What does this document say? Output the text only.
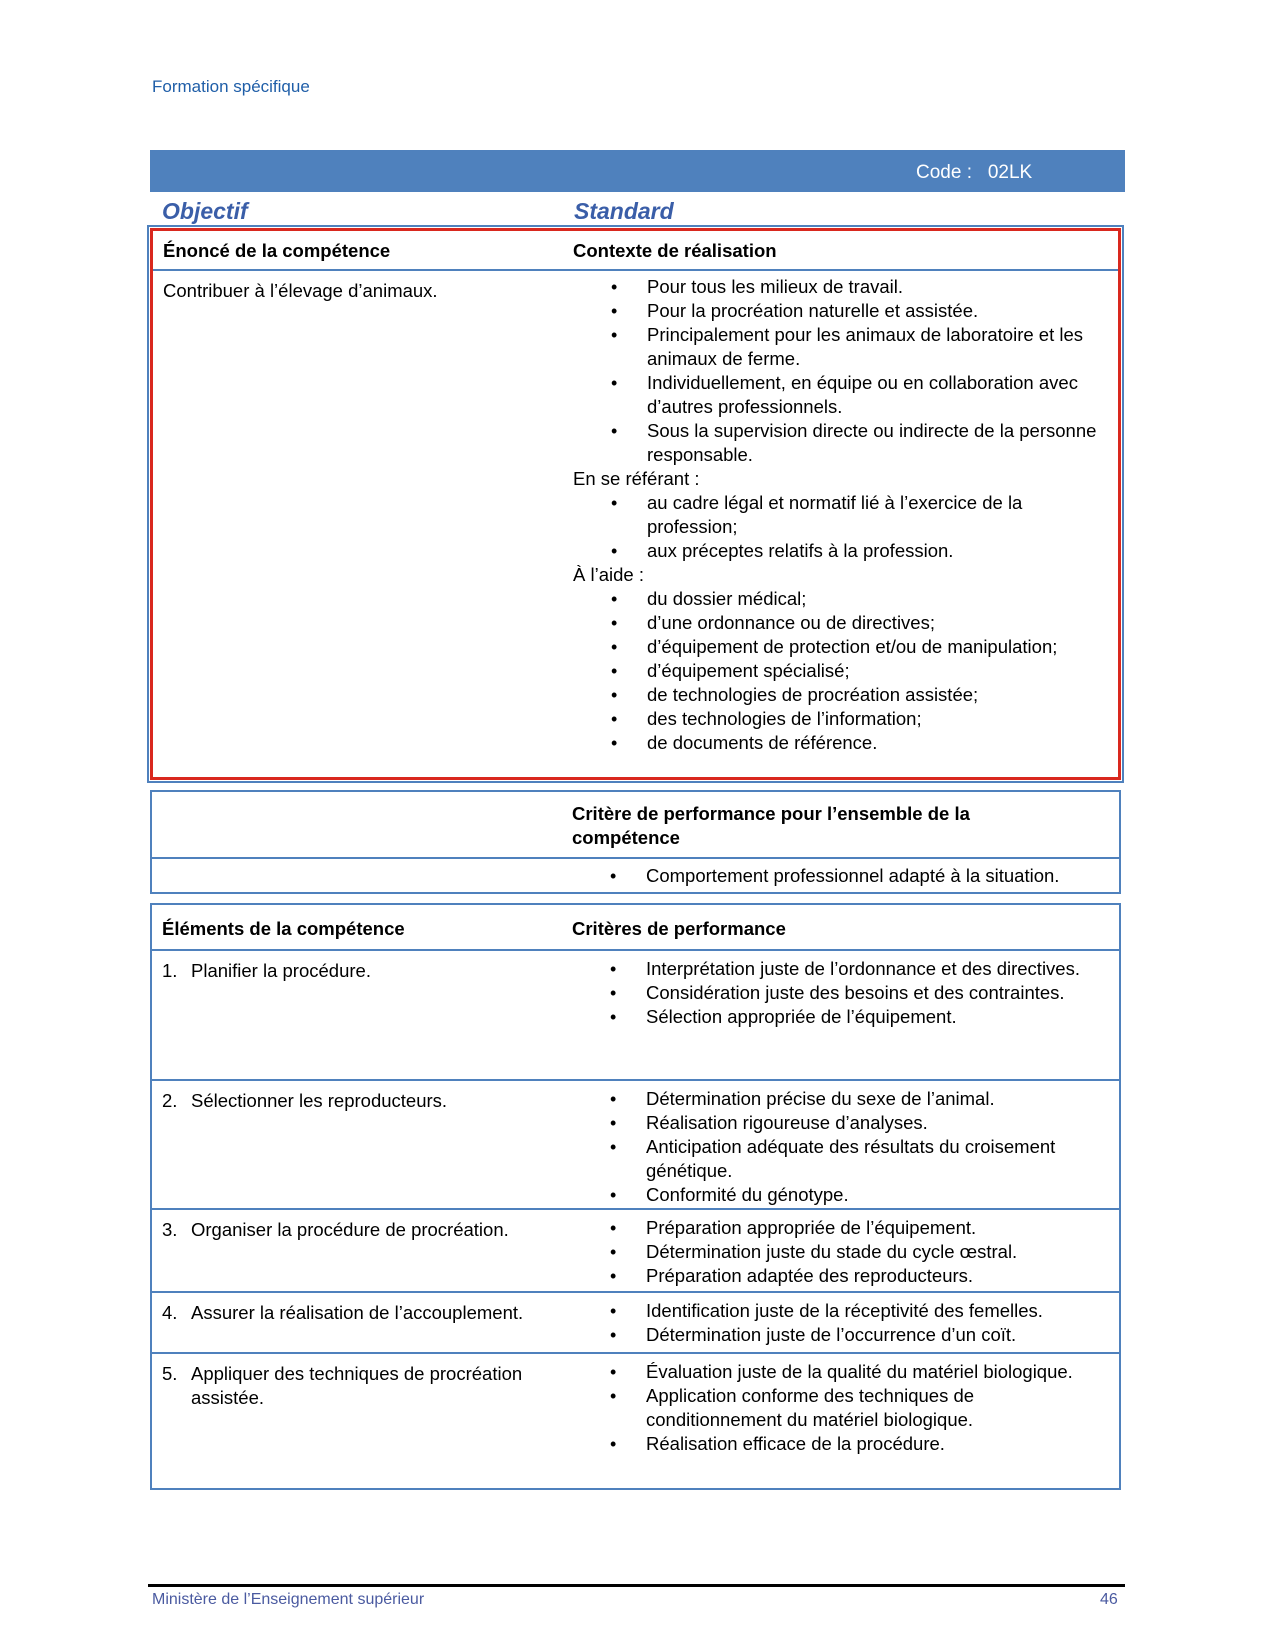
Formation spécifique
Code : 02LK
Objectif	Standard
Énoncé de la compétence	Contexte de réalisation
Contribuer à l’élevage d’animaux.	• Pour tous les milieux de travail.
• Pour la procréation naturelle et assistée.
• Principalement pour les animaux de laboratoire et les animaux de ferme.
• Individuellement, en équipe ou en collaboration avec d’autres professionnels.
• Sous la supervision directe ou indirecte de la personne responsable.

En se référant :

• au cadre légal et normatif lié à l’exercice de la profession;
• aux préceptes relatifs à la profession.

À l’aide :

• du dossier médical;
• d’une ordonnance ou de directives;
• d’équipement de protection et/ou de manipulation;
• d’équipement spécialisé;
• de technologies de procréation assistée;
• des technologies de l’information;
• de documents de référence.
Critère de performance pour l’ensemble de la compétence
• Comportement professionnel adapté à la situation.
Éléments de la compétence	Critères de performance
1. Planifier la procédure.	• Interprétation juste de l’ordonnance et des directives.
• Considération juste des besoins et des contraintes.
• Sélection appropriée de l’équipement.
2. Sélectionner les reproducteurs.	• Détermination précise du sexe de l’animal.
• Réalisation rigoureuse d’analyses.
• Anticipation adéquate des résultats du croisement génétique.
• Conformité du génotype.
3. Organiser la procédure de procréation.	• Préparation appropriée de l’équipement.
• Détermination juste du stade du cycle œstral.
• Préparation adaptée des reproducteurs.
4. Assurer la réalisation de l’accouplement.	• Identification juste de la réceptivité des femelles.
• Détermination juste de l’occurrence d’un coït.
5. Appliquer des techniques de procréation assistée.
• Évaluation juste de la qualité du matériel biologique.
• Application conforme des techniques de conditionnement du matériel biologique.
• Réalisation efficace de la procédure.
Ministère de l’Enseignement supérieur	46
